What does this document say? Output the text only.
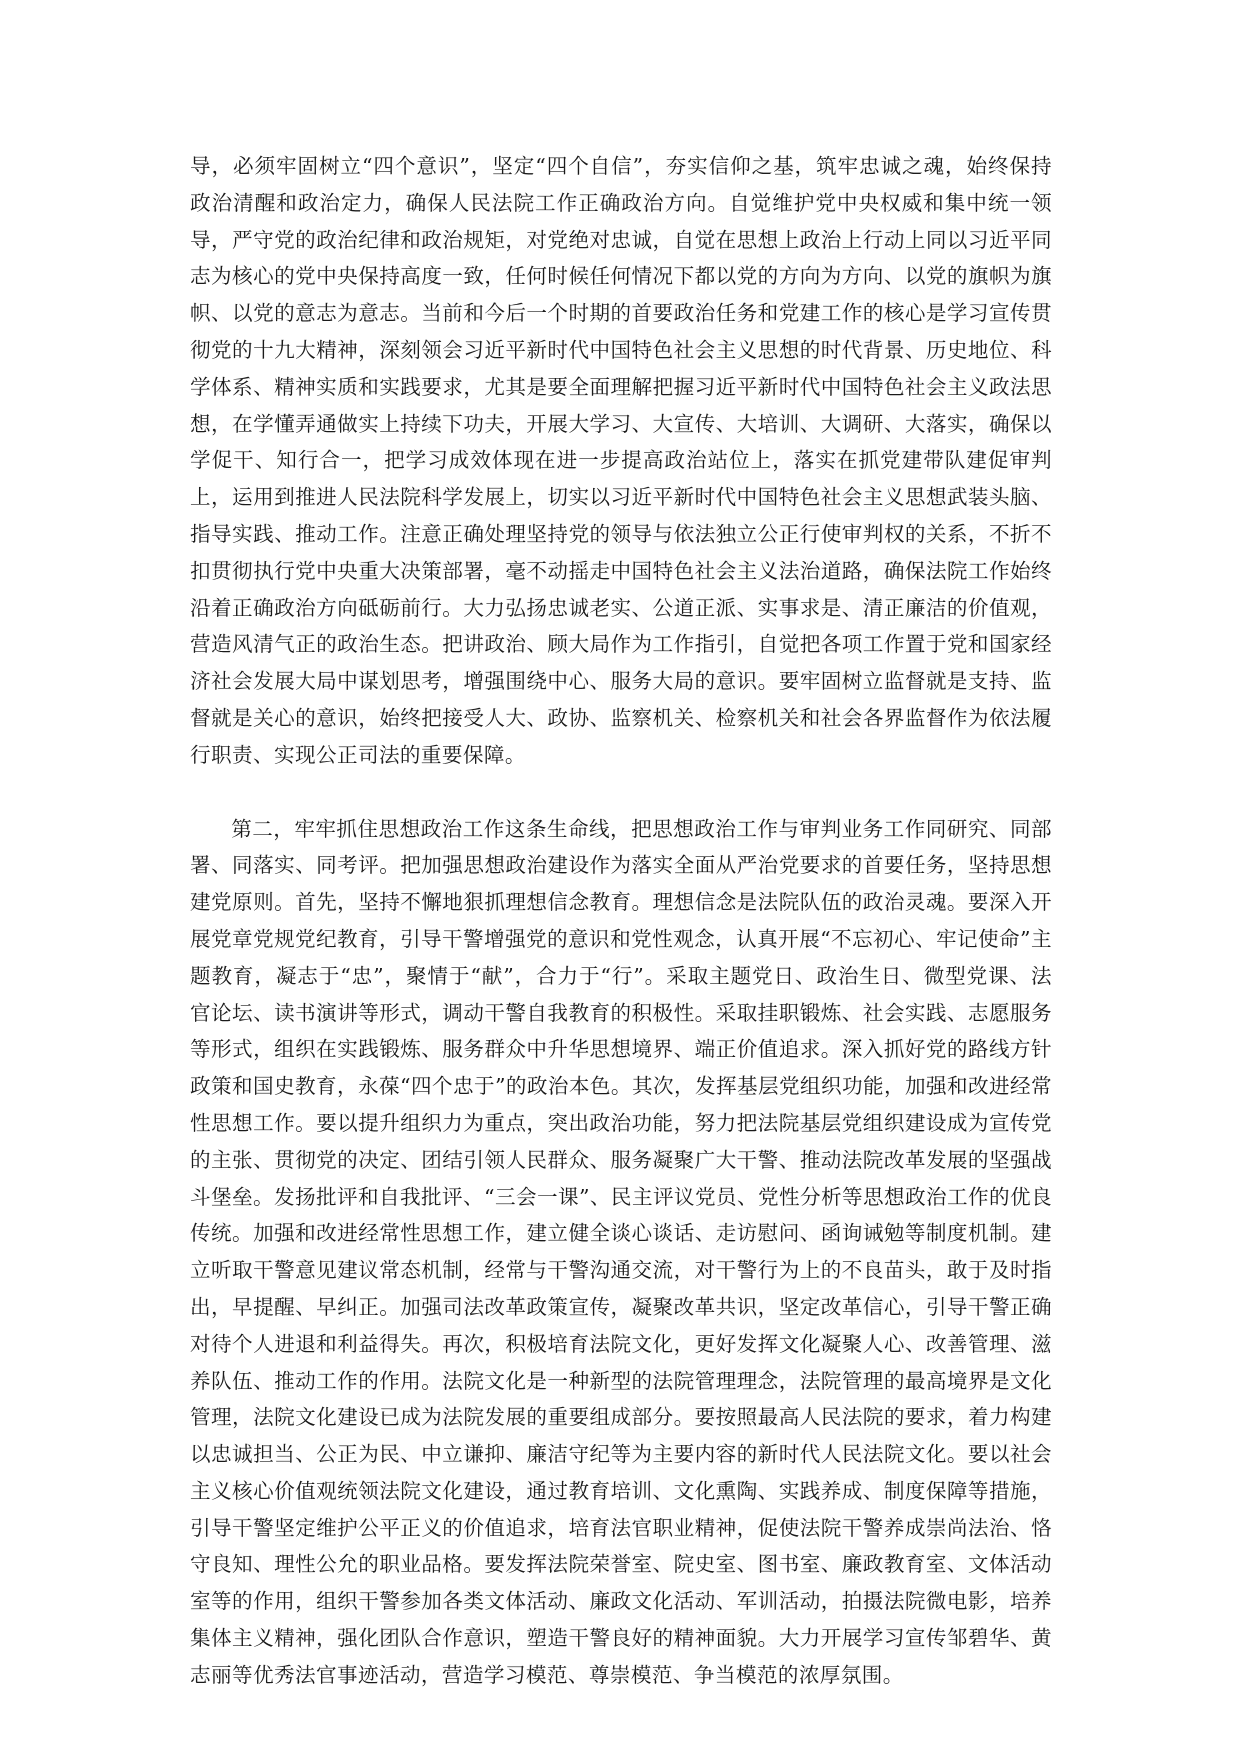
导，必须牢固树立“四个意识”，坚定“四个自信”，夯实信仰之基，筑牢忠诚之魂，始终保持政治清醒和政治定力，确保人民法院工作正确政治方向。自觉维护党中央权威和集中统一领导，严守党的政治纪律和政治规矩，对党绝对忠诚，自觉在思想上政治上行动上同以习近平同志为核心的党中央保持高度一致，任何时候任何情况下都以党的方向为方向、以党的旗帜为旗帜、以党的意志为意志。当前和今后一个时期的首要政治任务和党建工作的核心是学习宣传贯彻党的十九大精神，深刻领会习近平新时代中国特色社会主义思想的时代背景、历史地位、科学体系、精神实质和实践要求，尤其是要全面理解把握习近平新时代中国特色社会主义政法思想，在学懂弄通做实上持续下功夫，开展大学习、大宣传、大培训、大调研、大落实，确保以学促干、知行合一，把学习成效体现在进一步提高政治站位上，落实在抓党建带队建促审判上，运用到推进人民法院科学发展上，切实以习近平新时代中国特色社会主义思想武装头脑、指导实践、推动工作。注意正确处理坚持党的领导与依法独立公正行使审判权的关系，不折不扣贯彻执行党中央重大决策部署，毫不动摇走中国特色社会主义法治道路，确保法院工作始终沿着正确政治方向砥砺前行。大力弘扬忠诚老实、公道正派、实事求是、清正廉洁的价值观，营造风清气正的政治生态。把讲政治、顾大局作为工作指引，自觉把各项工作置于党和国家经济社会发展大局中谋划思考，增强围绕中心、服务大局的意识。要牢固树立监督就是支持、监督就是关心的意识，始终把接受人大、政协、监察机关、检察机关和社会各界监督作为依法履行职责、实现公正司法的重要保障。

第二，牢牢抓住思想政治工作这条生命线，把思想政治工作与审判业务工作同研究、同部署、同落实、同考评。把加强思想政治建设作为落实全面从严治党要求的首要任务，坚持思想建党原则。首先，坚持不懈地狠抓理想信念教育。理想信念是法院队伍的政治灵魂。要深入开展党章党规党纪教育，引导干警增强党的意识和党性观念，认真开展“不忘初心、牢记使命”主题教育，凝志于“忠”，聚情于“献”，合力于“行”。采取主题党日、政治生日、微型党课、法官论坛、读书演讲等形式，调动干警自我教育的积极性。采取挂职锻炼、社会实践、志愿服务等形式，组织在实践锻炼、服务群众中升华思想境界、端正价值追求。深入抓好党的路线方针政策和国史教育，永葆“四个忠于”的政治本色。其次，发挥基层党组织功能，加强和改进经常性思想工作。要以提升组织力为重点，突出政治功能，努力把法院基层党组织建设成为宣传党的主张、贯彻党的决定、团结引领人民群众、服务凝聚广大干警、推动法院改革发展的坚强战斗堡垒。发扬批评和自我批评、“三会一课”、民主评议党员、党性分析等思想政治工作的优良传统。加强和改进经常性思想工作，建立健全谈心谈话、走访慰问、函询诫勉等制度机制。建立听取干警意见建议常态机制，经常与干警沟通交流，对干警行为上的不良苗头，敢于及时指出，早提醒、早纠正。加强司法改革政策宣传，凝聚改革共识，坚定改革信心，引导干警正确对待个人进退和利益得失。再次，积极培育法院文化，更好发挥文化凝聚人心、改善管理、滋养队伍、推动工作的作用。法院文化是一种新型的法院管理理念，法院管理的最高境界是文化管理，法院文化建设已成为法院发展的重要组成部分。要按照最高人民法院的要求，着力构建以忠诚担当、公正为民、中立谦抑、廉洁守纪等为主要内容的新时代人民法院文化。要以社会主义核心价值观统领法院文化建设，通过教育培训、文化熏陶、实践养成、制度保障等措施，引导干警坚定维护公平正义的价值追求，培育法官职业精神，促使法院干警养成崇尚法治、恪守良知、理性公允的职业品格。要发挥法院荣誉室、院史室、图书室、廉政教育室、文体活动室等的作用，组织干警参加各类文体活动、廉政文化活动、军训活动，拍摄法院微电影，培养集体主义精神，强化团队合作意识，塑造干警良好的精神面貌。大力开展学习宣传邹碧华、黄志丽等优秀法官事迹活动，营造学习模范、尊崇模范、争当模范的浓厚氛围。
